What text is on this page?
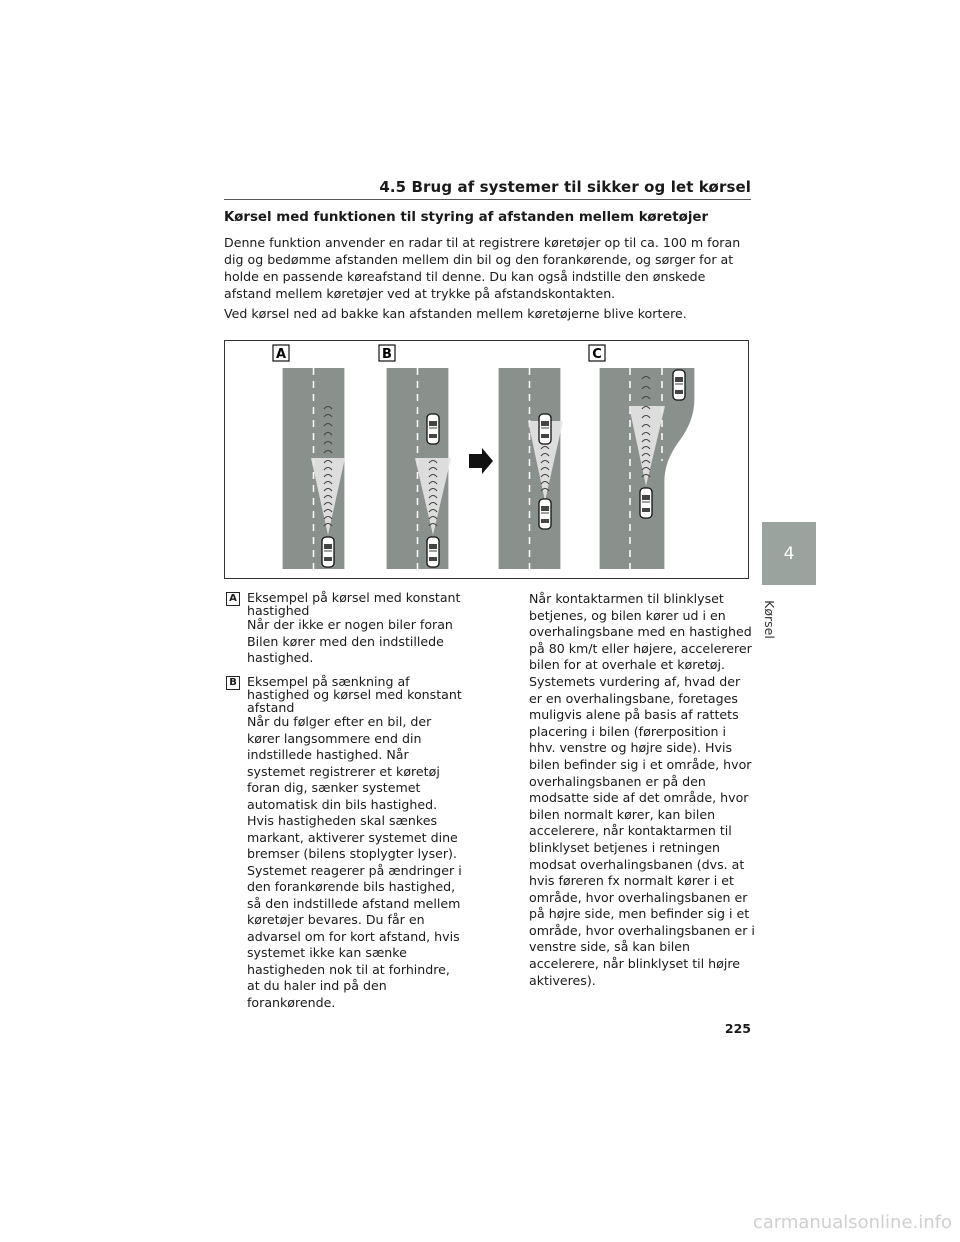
4.5 Brug af systemer til sikker og let kørsel
Kørsel med funktionen til styring af afstanden mellem køretøjer
Denne funktion anvender en radar til at registrere køretøjer op til ca. 100 m foran dig og bedømme afstanden mellem din bil og den forankørende, og sørger for at holde en passende køreafstand til denne. Du kan også indstille den ønskede afstand mellem køretøjer ved at trykke på afstandskontakten.
Ved kørsel ned ad bakke kan afstanden mellem køretøjerne blive kortere.
A	B	C
A Eksempel på kørsel med konstant hastighed
Når der ikke er nogen biler foran Bilen kører med den indstillede hastighed.
B Eksempel på sænkning af hastighed og kørsel med konstant afstand
Når du følger efter en bil, der kører langsommere end din indstillede hastighed. Når systemet registrerer et køretøj foran dig, sænker systemet automatisk din bils hastighed. Hvis hastigheden skal sænkes markant, aktiverer systemet dine bremser (bilens stoplygter lyser). Systemet reagerer på ændringer i den forankørende bils hastighed, så den indstillede afstand mellem køretøjer bevares. Du får en advarsel om for kort afstand, hvis systemet ikke kan sænke hastigheden nok til at forhindre, at du haler ind på den forankørende.
Når kontaktarmen til blinklyset betjenes, og bilen kører ud i en overhalingsbane med en hastighed på 80 km/t eller højere, accelererer bilen for at overhale et køretøj. Systemets vurdering af, hvad der er en overhalingsbane, foretages muligvis alene på basis af rattets placering i bilen (førerposition i hhv. venstre og højre side). Hvis bilen befinder sig i et område, hvor overhalingsbanen er på den modsatte side af det område, hvor bilen normalt kører, kan bilen accelerere, når kontaktarmen til blinklyset betjenes i retningen modsat overhalingsbanen (dvs. at hvis føreren fx normalt kører i et område, hvor overhalingsbanen er på højre side, men befinder sig i et område, hvor overhalingsbanen er i venstre side, så kan bilen accelerere, når blinklyset til højre aktiveres).
4
Kørsel
225
carmanualsonline.info
